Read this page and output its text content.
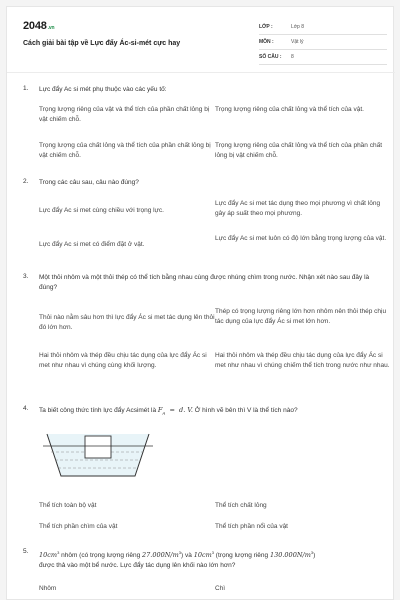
2048.vn
Cách giải bài tập về Lực đẩy Ác-si-mét cực hay
LỚP :	Lớp 8
MÔN :	Vật lý
SỐ CÂU :	8
1. Lực đẩy Ac si mét phụ thuộc vào các yếu tố:
Trọng lượng riêng của vật và thể tích của phần chất lỏng bị vật chiếm chỗ.
Trọng lượng riêng của chất lỏng và thể tích của vật.
Trọng lượng của chất lỏng và thể tích của phần chất lỏng bị vật chiếm chỗ.
Trọng lượng riêng của chất lỏng và thể tích của phần chất lỏng bị vật chiếm chỗ.
2. Trong các câu sau, câu nào đúng?
Lực đẩy Ac si met cùng chiều với trọng lực.
Lực đẩy Ac si met tác dụng theo mọi phương vì chất lỏng gây áp suất theo mọi phương.
Lực đẩy Ac si met có điểm đặt ở vật.
Lực đẩy Ac si met luôn có độ lớn bằng trọng lượng của vật.
3. Một thỏi nhôm và một thỏi thép có thể tích bằng nhau cùng được nhúng chìm trong nước. Nhận xét nào sau đây là đúng?
Thỏi nào nằm sâu hơn thì lực đẩy Ác si met tác dụng lên thỏi đó lớn hơn.
Thép có trọng lượng riêng lớn hơn nhôm nên thỏi thép chịu tác dụng của lực đẩy Ác si met lớn hơn.
Hai thỏi nhôm và thép đều chịu tác dụng của lực đẩy Ác si met như nhau vì chúng cùng khối lượng.
Hai thỏi nhôm và thép đều chịu tác dụng của lực đẩy Ác si met như nhau vì chúng chiếm thể tích trong nước như nhau.
4. Ta biết công thức tính lực đẩy Acsimét là $F_A = d$. V. Ở hình vẽ bên thì V là thể tích nào?
Thể tích toàn bộ vật	Thể tích chất lỏng
Thể tích phần chìm của vật	Thể tích phần nổi của vật
5. $10cm^3$ nhôm (có trọng lượng riêng $27.000N/m^3$) và $10cm^3$ (trọng lượng riêng $130.000N/m^3$)
được thả vào một bể nước. Lực đẩy tác dụng lên khối nào lớn hơn?
Nhôm	Chì
